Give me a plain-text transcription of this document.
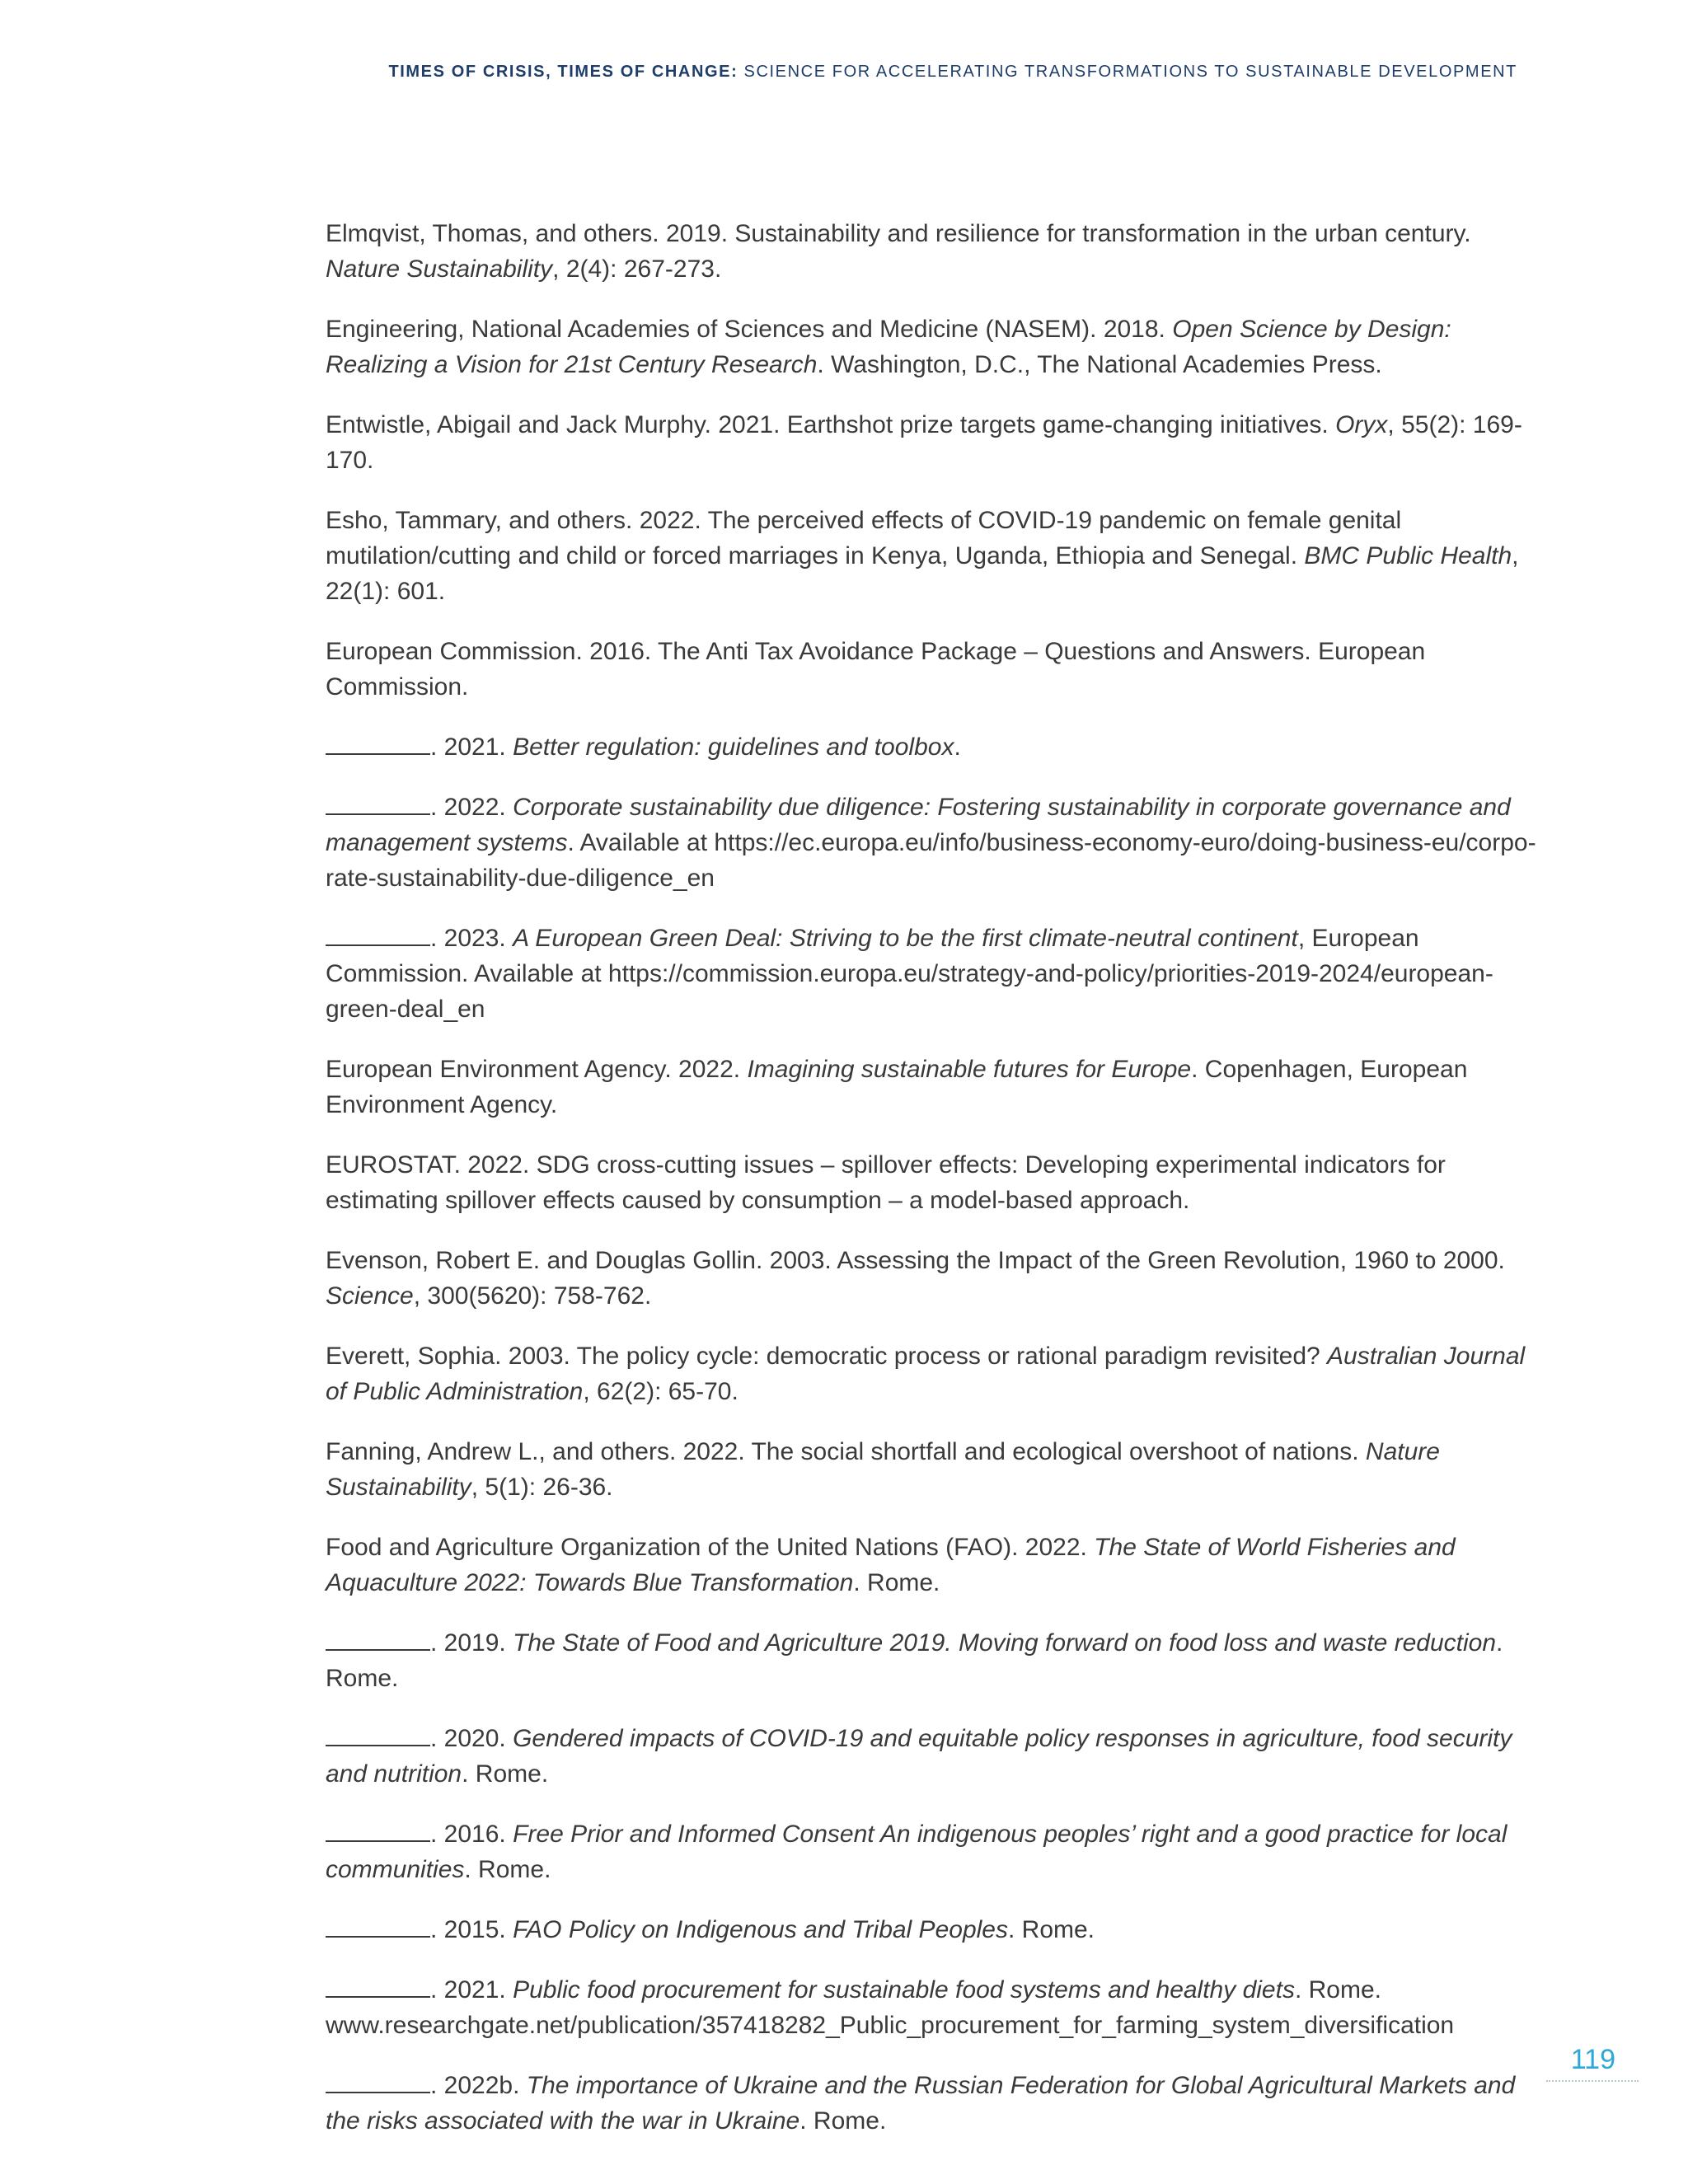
TIMES OF CRISIS, TIMES OF CHANGE: SCIENCE FOR ACCELERATING TRANSFORMATIONS TO SUSTAINABLE DEVELOPMENT

Elmqvist, Thomas, and others. 2019. Sustainability and resilience for transformation in the urban century. Nature Sustainability, 2(4): 267-273.

Engineering, National Academies of Sciences and Medicine (NASEM). 2018. Open Science by Design: Realizing a Vision for 21st Century Research. Washington, D.C., The National Academies Press.

Entwistle, Abigail and Jack Murphy. 2021. Earthshot prize targets game-changing initiatives. Oryx, 55(2): 169-170.

Esho, Tammary, and others. 2022. The perceived effects of COVID-19 pandemic on female genital mutilation/cutting and child or forced marriages in Kenya, Uganda, Ethiopia and Senegal. BMC Public Health, 22(1): 601.

European Commission. 2016. The Anti Tax Avoidance Package – Questions and Answers. European Commission.

. 2021. Better regulation: guidelines and toolbox.

. 2022. Corporate sustainability due diligence: Fostering sustainability in corporate governance and management systems. Available at https://ec.europa.eu/info/business-economy-euro/doing-business-eu/corpo-rate-sustainability-due-diligence_en

. 2023. A European Green Deal: Striving to be the first climate-neutral continent, European Commission. Available at https://commission.europa.eu/strategy-and-policy/priorities-2019-2024/european-green-deal_en

European Environment Agency. 2022. Imagining sustainable futures for Europe. Copenhagen, European Environment Agency.

EUROSTAT. 2022. SDG cross-cutting issues – spillover effects: Developing experimental indicators for estimating spillover effects caused by consumption – a model-based approach.

Evenson, Robert E. and Douglas Gollin. 2003. Assessing the Impact of the Green Revolution, 1960 to 2000. Science, 300(5620): 758-762.

Everett, Sophia. 2003. The policy cycle: democratic process or rational paradigm revisited? Australian Journal of Public Administration, 62(2): 65-70.

Fanning, Andrew L., and others. 2022. The social shortfall and ecological overshoot of nations. Nature Sustainability, 5(1): 26-36.

Food and Agriculture Organization of the United Nations (FAO). 2022. The State of World Fisheries and Aquaculture 2022: Towards Blue Transformation. Rome.

. 2019. The State of Food and Agriculture 2019. Moving forward on food loss and waste reduction. Rome.

. 2020. Gendered impacts of COVID-19 and equitable policy responses in agriculture, food security and nutrition. Rome.

. 2016. Free Prior and Informed Consent An indigenous peoples’ right and a good practice for local communities. Rome.

. 2015. FAO Policy on Indigenous and Tribal Peoples. Rome.

. 2021. Public food procurement for sustainable food systems and healthy diets. Rome. www.researchgate.net/publication/357418282_Public_procurement_for_farming_system_diversification

. 2022b. The importance of Ukraine and the Russian Federation for Global Agricultural Markets and the risks associated with the war in Ukraine. Rome.

119
